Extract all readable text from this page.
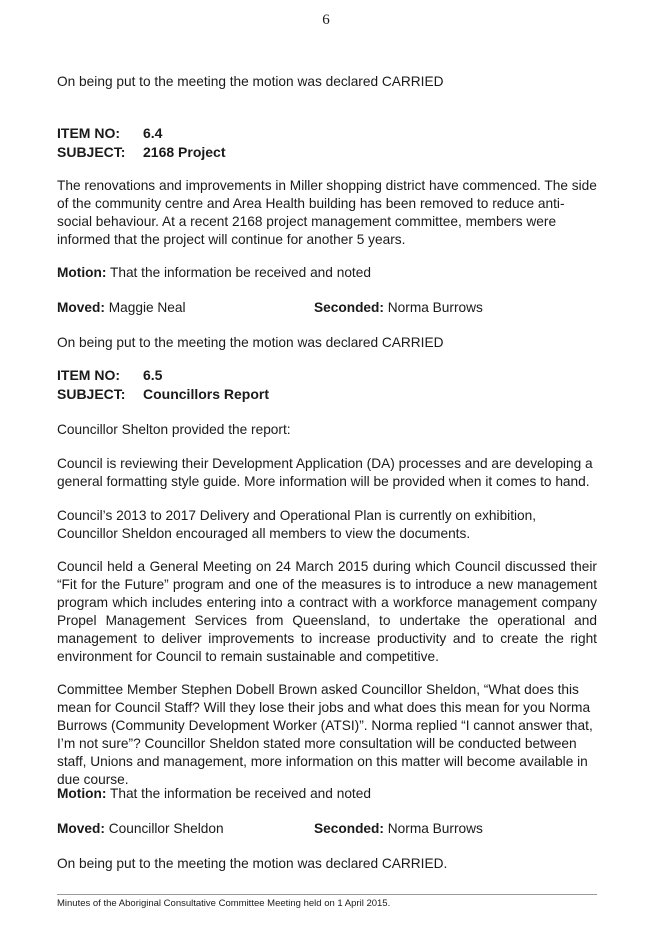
6
On being put to the meeting the motion was declared CARRIED
ITEM NO:	6.4
SUBJECT:	2168 Project
The renovations and improvements in Miller shopping district have commenced. The side of the community centre and Area Health building has been removed to reduce anti-social behaviour. At a recent 2168 project management committee, members were informed that the project will continue for another 5 years.
Motion: That the information be received and noted
Moved: Maggie Neal	Seconded: Norma Burrows
On being put to the meeting the motion was declared CARRIED
ITEM NO:	6.5
SUBJECT:	Councillors Report
Councillor Shelton provided the report:
Council is reviewing their Development Application (DA) processes and are developing a general formatting style guide. More information will be provided when it comes to hand.
Council’s 2013 to 2017 Delivery and Operational Plan is currently on exhibition, Councillor Sheldon encouraged all members to view the documents.
Council held a General Meeting on 24 March 2015 during which Council discussed their “Fit for the Future” program and one of the measures is to introduce a new management program which includes entering into a contract with a workforce management company Propel Management Services from Queensland, to undertake the operational and management to deliver improvements to increase productivity and to create the right environment for Council to remain sustainable and competitive.
Committee Member Stephen Dobell Brown asked Councillor Sheldon, “What does this mean for Council Staff? Will they lose their jobs and what does this mean for you Norma Burrows (Community Development Worker (ATSI)”. Norma replied “I cannot answer that, I’m not sure”? Councillor Sheldon stated more consultation will be conducted between staff, Unions and management, more information on this matter will become available in due course.
Motion: That the information be received and noted
Moved: Councillor Sheldon	Seconded: Norma Burrows
On being put to the meeting the motion was declared CARRIED.
Minutes of the Aboriginal Consultative Committee Meeting held on 1 April 2015.
